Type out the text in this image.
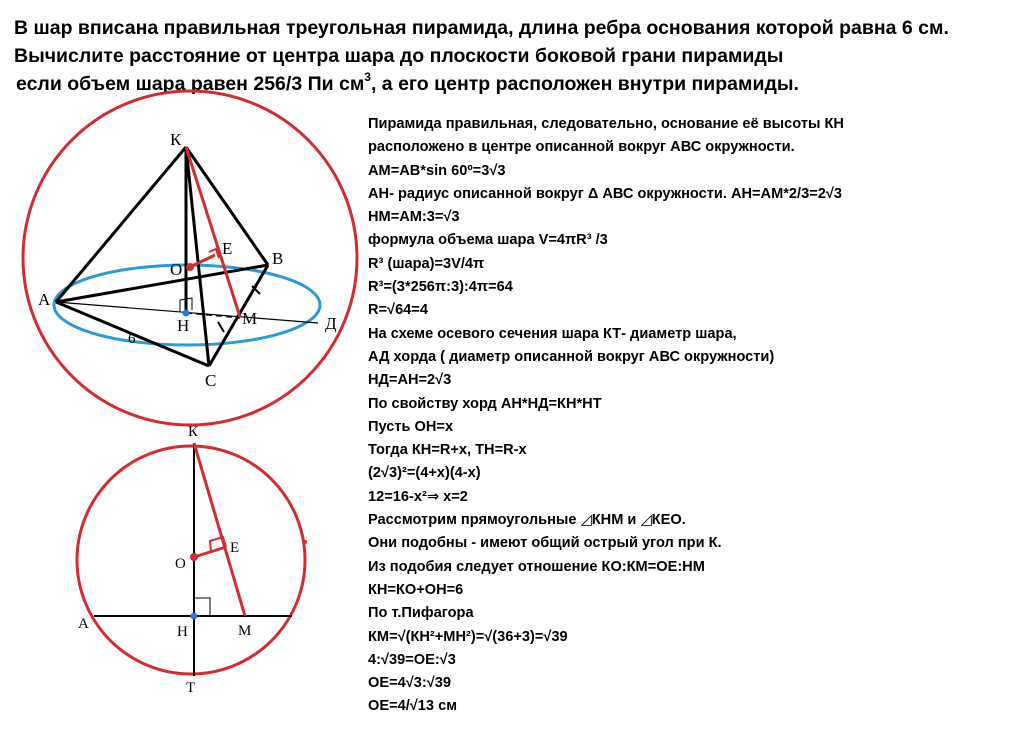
В шар вписана правильная треугольная пирамида, длина ребра основания которой равна 6 см.
Вычислите расстояние от центра шара до плоскости боковой грани пирамиды
если объем шара равен 256/3 Пи $см^3$, а его центр расположен внутри пирамиды.
К
О
Е
В
А
Н	М	Д
С
6
К
О
Е
А	Н	М
Т
Пирамида правильная, следовательно, основание её высоты КН
расположено в центре описанной вокруг АВС окружности.
АМ=АВ*sin 60º=3√3
АН- радиус описанной вокруг Δ АВС окружности. АН=АМ*2/3=2√3
НМ=АМ:3=√3
формула объема шара V=4πR³ /3
R³ (шара)=3V/4π
R³=(3*256π:3):4π=64
R=√64=4
На схеме осевого сечения шара КТ- диаметр шара,
АД хорда ( диаметр описанной вокруг АВС окружности)
НД=АН=2√3
По свойству хорд АН*НД=КН*НТ
Пусть ОН=х
Тогда КН=R+х, ТН=R-х
(2√3)²=(4+х)(4-х)
12=16-х²⇒ х=2
Рассмотрим прямоугольные ◿КНМ и ◿КЕО.
Они подобны - имеют общий острый угол при К.
Из подобия следует отношение КО:КМ=ОЕ:НМ
КН=КО+ОН=6
По т.Пифагора
КМ=√(КН²+МН²)=√(36+3)=√39
4:√39=ОЕ:√3
ОЕ=4√3:√39
ОЕ=4/√13 см
